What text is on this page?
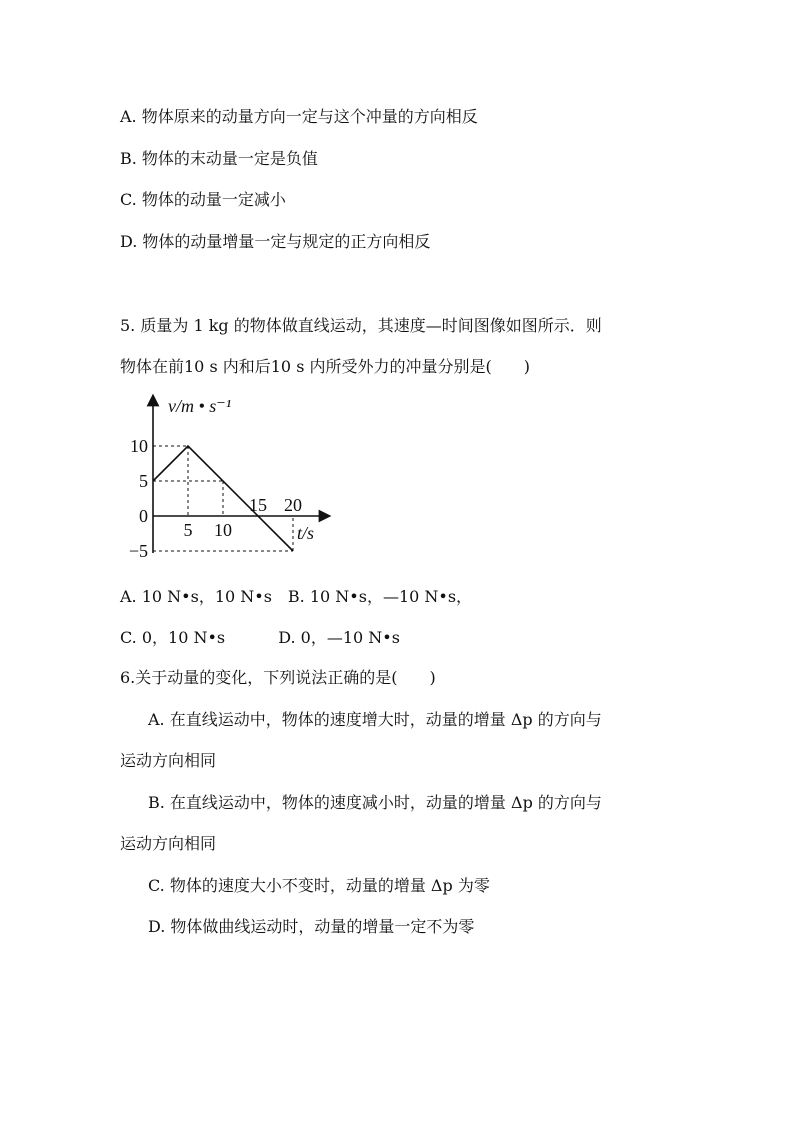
A. 物体原来的动量方向一定与这个冲量的方向相反
B. 物体的末动量一定是负值
C. 物体的动量一定减小
D. 物体的动量增量一定与规定的正方向相反
5. 质量为 1 kg 的物体做直线运动，其速度—时间图像如图所示．则
物体在前10 s 内和后10 s 内所受外力的冲量分别是(　　)
v/m • s⁻¹
t/s
10
5
0
−5
5 10
15 20
A. 10 N•s，10 N•s　B. 10 N•s，—10 N•s，
C. 0，10 N•s　　　 D. 0，—10 N•s
6.关于动量的变化，下列说法正确的是(　　)
A. 在直线运动中，物体的速度增大时，动量的增量 Δp 的方向与
运动方向相同
B. 在直线运动中，物体的速度减小时，动量的增量 Δp 的方向与
运动方向相同
C. 物体的速度大小不变时，动量的增量 Δp 为零
D. 物体做曲线运动时，动量的增量一定不为零
